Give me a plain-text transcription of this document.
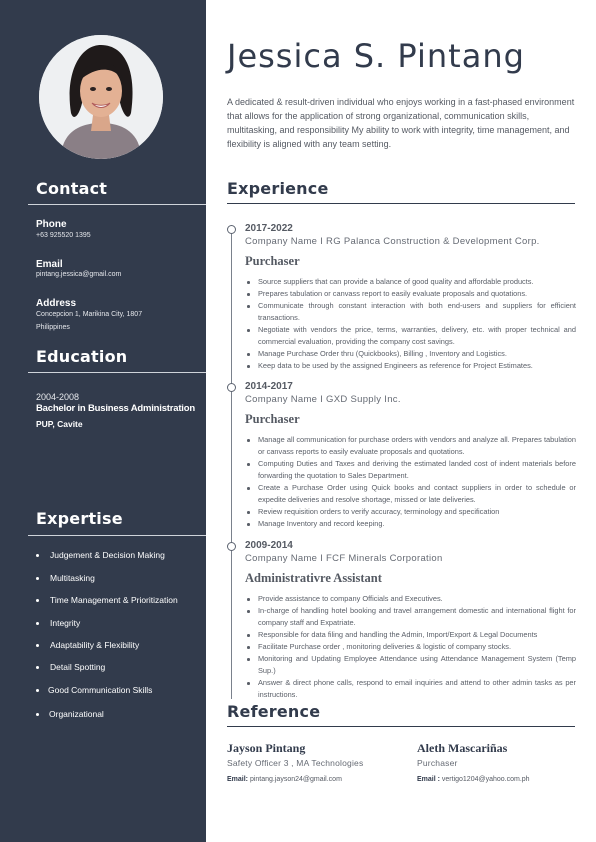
Contact
Phone
+63 925520 1395
Email
pintang.jessica@gmail.com
Address
Concepcion 1, Marikina City, 1807 Philippines
Education
2004-2008
Bachelor in Business Administration
PUP, Cavite
Expertise
Judgement & Decision Making
Multitasking
Time Management & Prioritization
Integrity
Adaptability & Flexibility
Detail Spotting
Good Communication Skills
Organizational
Jessica S. Pintang

A dedicated & result-driven individual who enjoys working in a fast-phased environment that allows for the application of strong organizational, communication skills, multitasking, and responsibility My ability to work with integrity, time management, and flexibility is aligned with any team setting.

Experience
2017-2022
Company Name I RG Palanca Construction & Development Corp.
Purchaser
Source suppliers that can provide a balance of good quality and affordable products.
Prepares tabulation or canvass report to easily evaluate proposals and quotations.
Communicate through constant interaction with both end-users and suppliers for efficient transactions.
Negotiate with vendors the price, terms, warranties, delivery, etc. with proper technical and commercial evaluation, providing the company cost savings.
Manage Purchase Order thru (Quickbooks), Billing , Inventory and Logistics.
Keep data to be used by the assigned Engineers as reference for Project Estimates.
2014-2017
Company Name I GXD Supply Inc.
Purchaser
Manage all communication for purchase orders with vendors and analyze all. Prepares tabulation or canvass reports to easily evaluate proposals and quotations.
Computing Duties and Taxes and deriving the estimated landed cost of indent materials before forwarding the quotation to Sales Department.
Create a Purchase Order using Quick books and contact suppliers in order to schedule or expedite deliveries and resolve shortage, missed or late deliveries.
Review requisition orders to verify accuracy, terminology and specification
Manage Inventory and record keeping.
2009-2014
Company Name I FCF Minerals Corporation
Administrativre Assistant
Provide assistance to company Officials and Executives.
In-charge of handling hotel booking and travel arrangement domestic and international flight for company staff and Expatriate.
Responsible for data filing and handling the Admin, Import/Export & Legal Documents
Facilitate Purchase order , monitoring deliveries & logistic of company stocks.
Monitoring and Updating Employee Attendance using Attendance Management System (Temp Sup.)
Answer & direct phone calls, respond to email inquiries and attend to other admin tasks as per instructions.
Reference
Jayson Pintang
Safety Officer 3 , MA Technologies
Email: pintang.jayson24@gmail.com
Aleth Mascariñas
Purchaser
Email : vertigo1204@yahoo.com.ph
